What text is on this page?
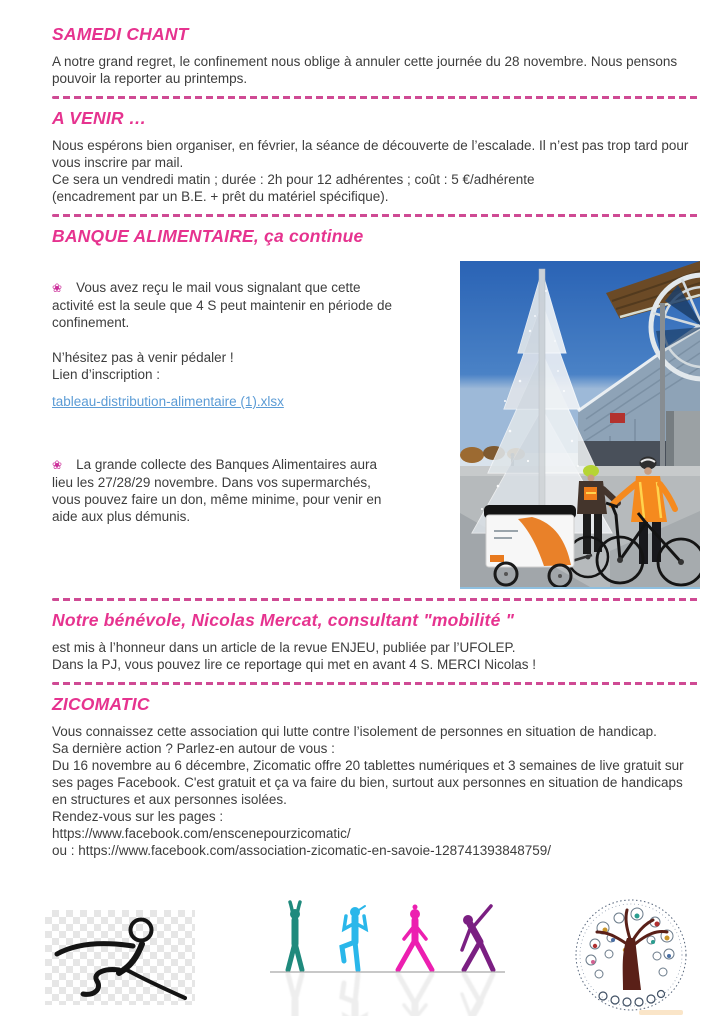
SAMEDI CHANT

A notre grand regret, le confinement nous oblige à annuler cette journée du 28 novembre. Nous pensons pouvoir la reporter au printemps.

A VENIR …

Nous espérons bien organiser, en février, la séance de découverte de l’escalade. Il n’est pas trop tard pour vous inscrire par mail.

Ce sera un vendredi matin ; durée : 2h pour 12 adhérentes ; coût : 5 €/adhérente

(encadrement par un B.E. + prêt du matériel spécifique).

BANQUE ALIMENTAIRE, ça continue

❀ Vous avez reçu le mail vous signalant que cette activité est la seule que 4 S peut maintenir en période de confinement.

N’hésitez pas à venir pédaler !

Lien d’inscription :

tableau-distribution-alimentaire (1).xlsx

❀ La grande collecte des Banques Alimentaires aura lieu les 27/28/29 novembre. Dans vos supermarchés, vous pouvez faire un don, même minime, pour venir en aide aux plus démunis.

Notre bénévole, Nicolas Mercat, consultant "mobilité "

est mis à l’honneur dans un article de la revue ENJEU, publiée par l’UFOLEP.

Dans la PJ, vous pouvez lire ce reportage qui met en avant 4 S. MERCI Nicolas !

ZICOMATIC

Vous connaissez cette association qui lutte contre l’isolement de personnes en situation de handicap.

Sa dernière action ? Parlez-en autour de vous :

Du 16 novembre au 6 décembre, Zicomatic offre 20 tablettes numériques et 3 semaines de live gratuit sur ses pages Facebook. C'est gratuit et ça va faire du bien, surtout aux personnes en situation de handicaps en structures et aux personnes isolées.

Rendez-vous sur les pages :

https://www.facebook.com/enscenepourzicomatic/

ou : https://www.facebook.com/association-zicomatic-en-savoie-128741393848759/
